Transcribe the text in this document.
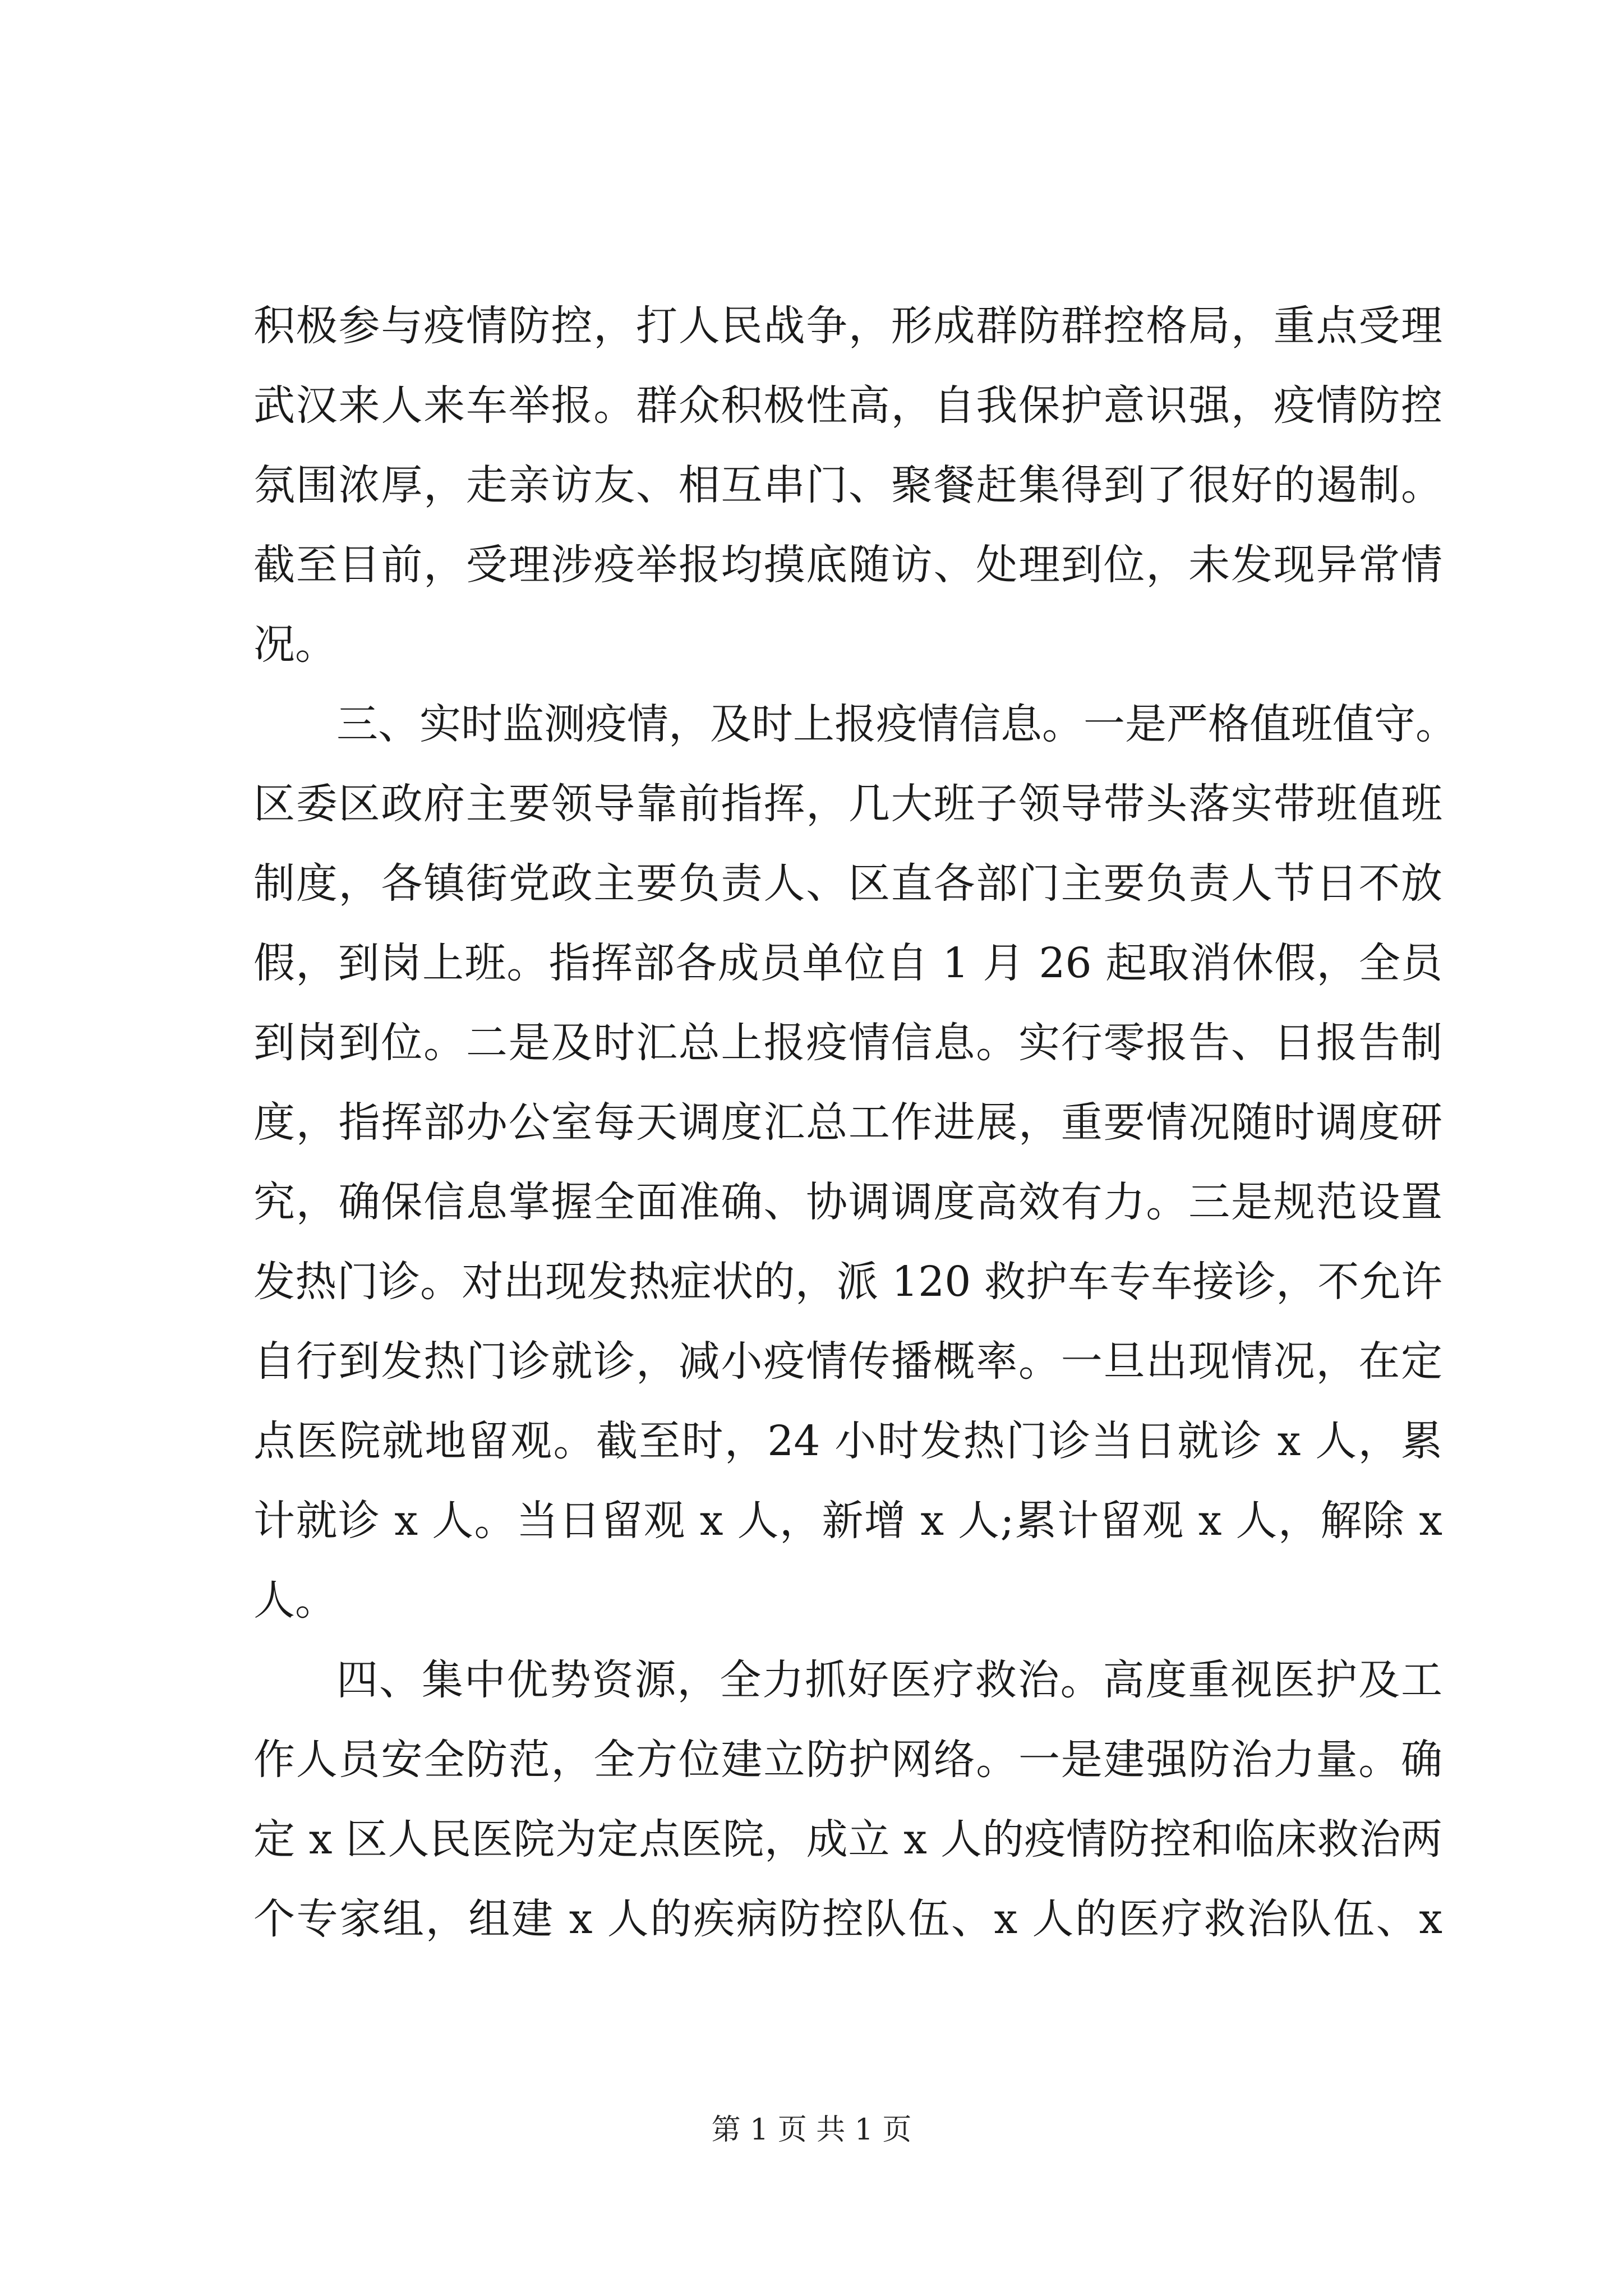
积极参与疫情防控，打人民战争，形成群防群控格局，重点受理
武汉来人来车举报。群众积极性高，自我保护意识强，疫情防控
氛围浓厚，走亲访友、相互串门、聚餐赶集得到了很好的遏制。
截至目前，受理涉疫举报均摸底随访、处理到位，未发现异常情
况。
三、实时监测疫情，及时上报疫情信息。一是严格值班值守。
区委区政府主要领导靠前指挥，几大班子领导带头落实带班值班
制度，各镇街党政主要负责人、区直各部门主要负责人节日不放
假，到岗上班。指挥部各成员单位自 1 月 26 起取消休假，全员
到岗到位。二是及时汇总上报疫情信息。实行零报告、日报告制
度，指挥部办公室每天调度汇总工作进展，重要情况随时调度研
究，确保信息掌握全面准确、协调调度高效有力。三是规范设置
发热门诊。对出现发热症状的，派 120 救护车专车接诊，不允许
自行到发热门诊就诊，减小疫情传播概率。一旦出现情况，在定
点医院就地留观。截至时，24 小时发热门诊当日就诊 x 人，累
计就诊 x 人。当日留观 x 人，新增 x 人;累计留观 x 人，解除 x
人。
四、集中优势资源，全力抓好医疗救治。高度重视医护及工
作人员安全防范，全方位建立防护网络。一是建强防治力量。确
定 x 区人民医院为定点医院，成立 x 人的疫情防控和临床救治两
个专家组，组建 x 人的疾病防控队伍、x 人的医疗救治队伍、x
第 1 页 共 1 页
